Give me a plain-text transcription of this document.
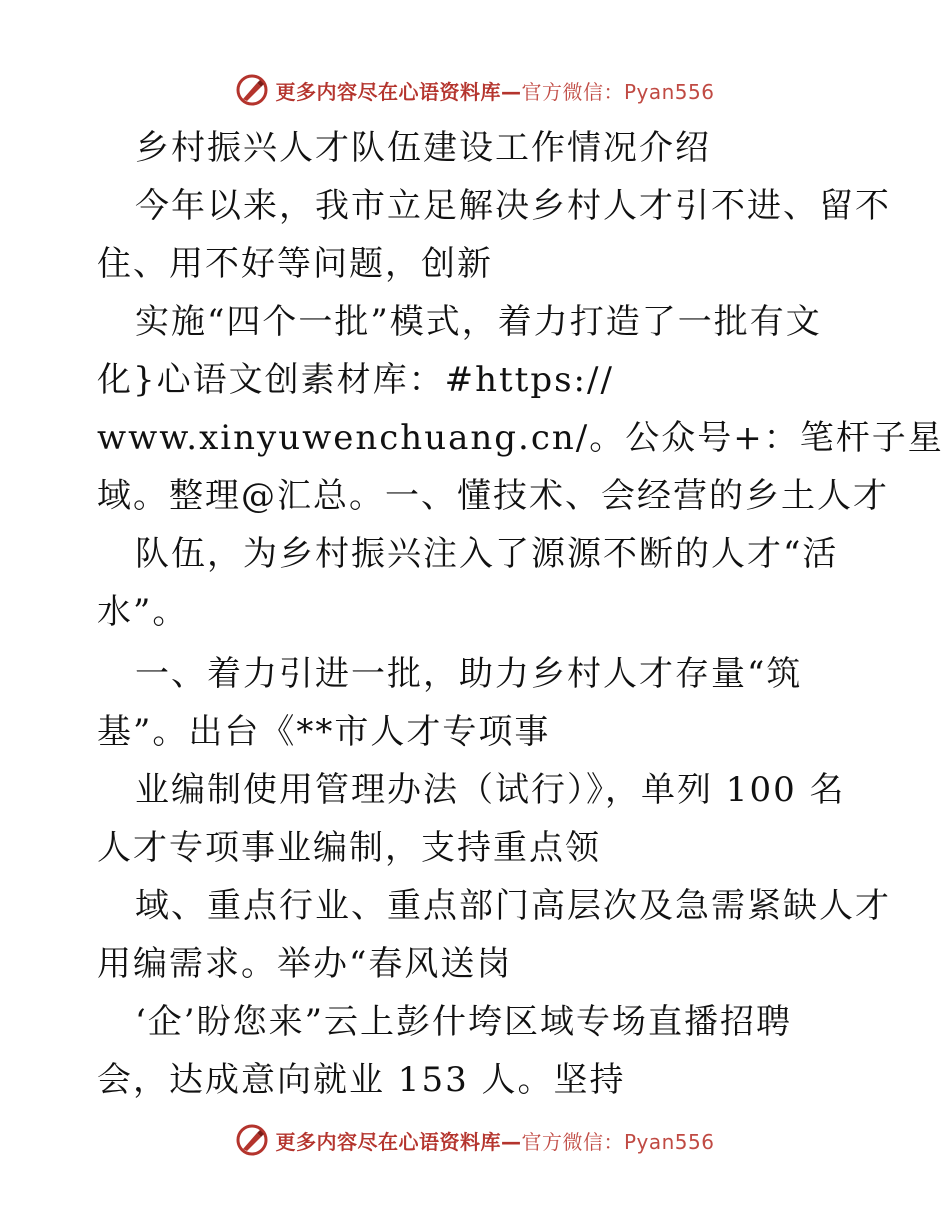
更多内容尽在心语资料库—官方微信：Pyan556
乡村振兴人才队伍建设工作情况介绍
今年以来，我市立足解决乡村人才引不进、留不
住、用不好等问题，创新
实施“四个一批”模式，着力打造了一批有文
化}心语文创素材库：#https://
www.xinyuwenchuang.cn/。公众号+：笔杆子星
域。整理@汇总。一、懂技术、会经营的乡土人才
队伍，为乡村振兴注入了源源不断的人才“活
水”。
一、着力引进一批，助力乡村人才存量“筑
基”。出台《**市人才专项事
业编制使用管理办法（试行）》，单列 100 名
人才专项事业编制，支持重点领
域、重点行业、重点部门高层次及急需紧缺人才
用编需求。举办“春风送岗
‘企’盼您来”云上彭什垮区域专场直播招聘
会，达成意向就业 153 人。坚持
更多内容尽在心语资料库—官方微信：Pyan556
